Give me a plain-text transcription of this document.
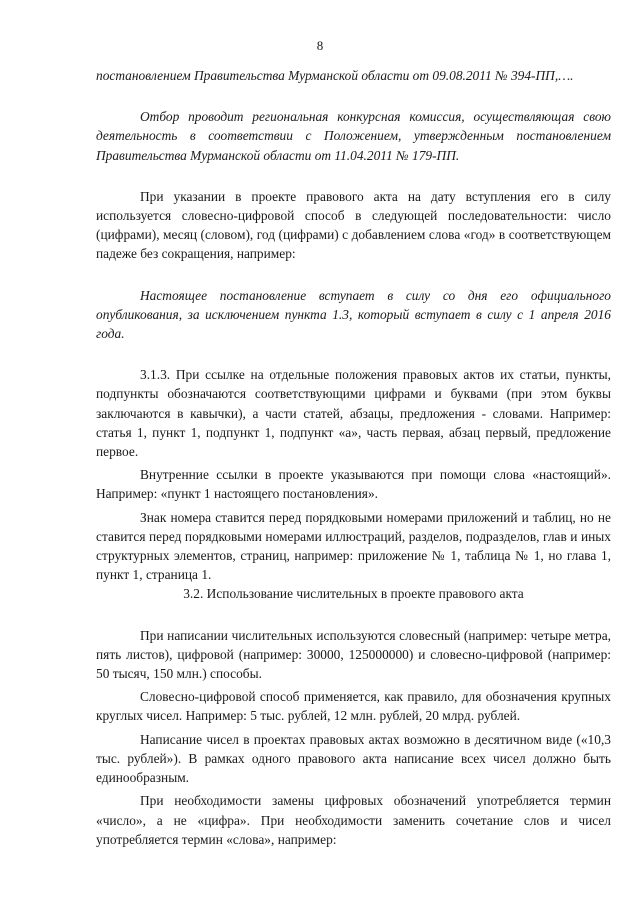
8

постановлением Правительства Мурманской области от 09.08.2011 № 394-ПП,….

Отбор проводит региональная конкурсная комиссия, осуществляющая свою деятельность в соответствии с Положением, утвержденным постановлением Правительства Мурманской области от 11.04.2011 № 179-ПП.

При указании в проекте правового акта на дату вступления его в силу используется словесно-цифровой способ в следующей последовательности: число (цифрами), месяц (словом), год (цифрами) с добавлением слова «год» в соответствующем падеже без сокращения, например:

Настоящее постановление вступает в силу со дня его официального опубликования, за исключением пункта 1.3, который вступает в силу с 1 апреля 2016 года.

3.1.3. При ссылке на отдельные положения правовых актов их статьи, пункты, подпункты обозначаются соответствующими цифрами и буквами (при этом буквы заключаются в кавычки), а части статей, абзацы, предложения - словами. Например: статья 1, пункт 1, подпункт 1, подпункт «а», часть первая, абзац первый, предложение первое.

Внутренние ссылки в проекте указываются при помощи слова «настоящий». Например: «пункт 1 настоящего постановления».

Знак номера ставится перед порядковыми номерами приложений и таблиц, но не ставится перед порядковыми номерами иллюстраций, разделов, подразделов, глав и иных структурных элементов, страниц, например: приложение № 1, таблица № 1, но глава 1, пункт 1, страница 1.

3.2. Использование числительных в проекте правового акта

При написании числительных используются словесный (например: четыре метра, пять листов), цифровой (например: 30000, 125000000) и словесно-цифровой (например: 50 тысяч, 150 млн.) способы.

Словесно-цифровой способ применяется, как правило, для обозначения крупных круглых чисел. Например: 5 тыс. рублей, 12 млн. рублей, 20 млрд. рублей.

Написание чисел в проектах правовых актах возможно в десятичном виде («10,3 тыс. рублей»). В рамках одного правового акта написание всех чисел должно быть единообразным.

При необходимости замены цифровых обозначений употребляется термин «число», а не «цифра». При необходимости заменить сочетание слов и чисел употребляется термин «слова», например:
